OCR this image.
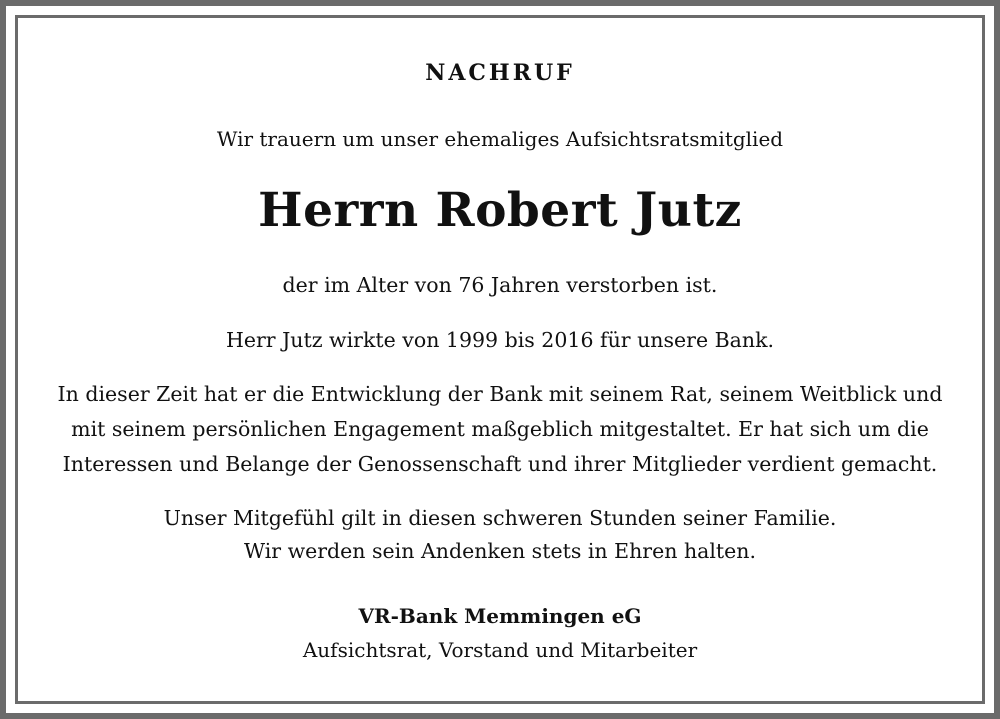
NACHRUF
Wir trauern um unser ehemaliges Aufsichtsratsmitglied
Herrn Robert Jutz
der im Alter von 76 Jahren verstorben ist.
Herr Jutz wirkte von 1999 bis 2016 für unsere Bank.
In dieser Zeit hat er die Entwicklung der Bank mit seinem Rat, seinem Weitblick und
mit seinem persönlichen Engagement maßgeblich mitgestaltet. Er hat sich um die
Interessen und Belange der Genossenschaft und ihrer Mitglieder verdient gemacht.
Unser Mitgefühl gilt in diesen schweren Stunden seiner Familie.
Wir werden sein Andenken stets in Ehren halten.
VR-Bank Memmingen eG
Aufsichtsrat, Vorstand und Mitarbeiter
